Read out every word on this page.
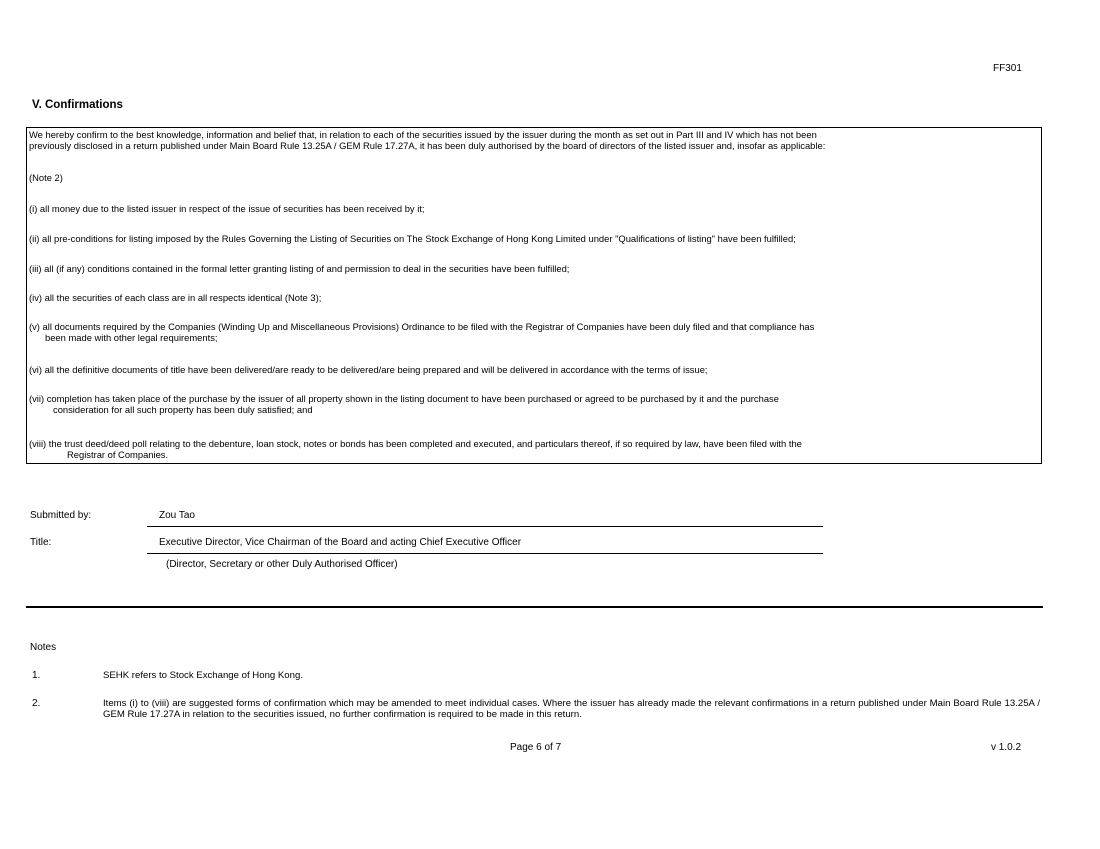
FF301
V. Confirmations
We hereby confirm to the best knowledge, information and belief that, in relation to each of the securities issued by the issuer during the month as set out in Part III and IV which has not been
previously disclosed in a return published under Main Board Rule 13.25A / GEM Rule 17.27A, it has been duly authorised by the board of directors of the listed issuer and, insofar as applicable:
(Note 2)
(i) all money due to the listed issuer in respect of the issue of securities has been received by it;
(ii) all pre-conditions for listing imposed by the Rules Governing the Listing of Securities on The Stock Exchange of Hong Kong Limited under "Qualifications of listing" have been fulfilled;
(iii) all (if any) conditions contained in the formal letter granting listing of and permission to deal in the securities have been fulfilled;
(iv) all the securities of each class are in all respects identical (Note 3);
(v) all documents required by the Companies (Winding Up and Miscellaneous Provisions) Ordinance to be filed with the Registrar of Companies have been duly filed and that compliance has
been made with other legal requirements;
(vi) all the definitive documents of title have been delivered/are ready to be delivered/are being prepared and will be delivered in accordance with the terms of issue;
(vii) completion has taken place of the purchase by the issuer of all property shown in the listing document to have been purchased or agreed to be purchased by it and the purchase
consideration for all such property has been duly satisfied; and
(viii) the trust deed/deed poll relating to the debenture, loan stock, notes or bonds has been completed and executed, and particulars thereof, if so required by law, have been filed with the
Registrar of Companies.
Submitted by:	Zou Tao
Title:	Executive Director, Vice Chairman of the Board and acting Chief Executive Officer
(Director, Secretary or other Duly Authorised Officer)
Notes
1.	SEHK refers to Stock Exchange of Hong Kong.
2.	Items (i) to (viii) are suggested forms of confirmation which may be amended to meet individual cases. Where the issuer has already made the relevant confirmations in a return published under Main Board Rule 13.25A / GEM Rule 17.27A in relation to the securities issued, no further confirmation is required to be made in this return.
Page 6 of 7	v 1.0.2
